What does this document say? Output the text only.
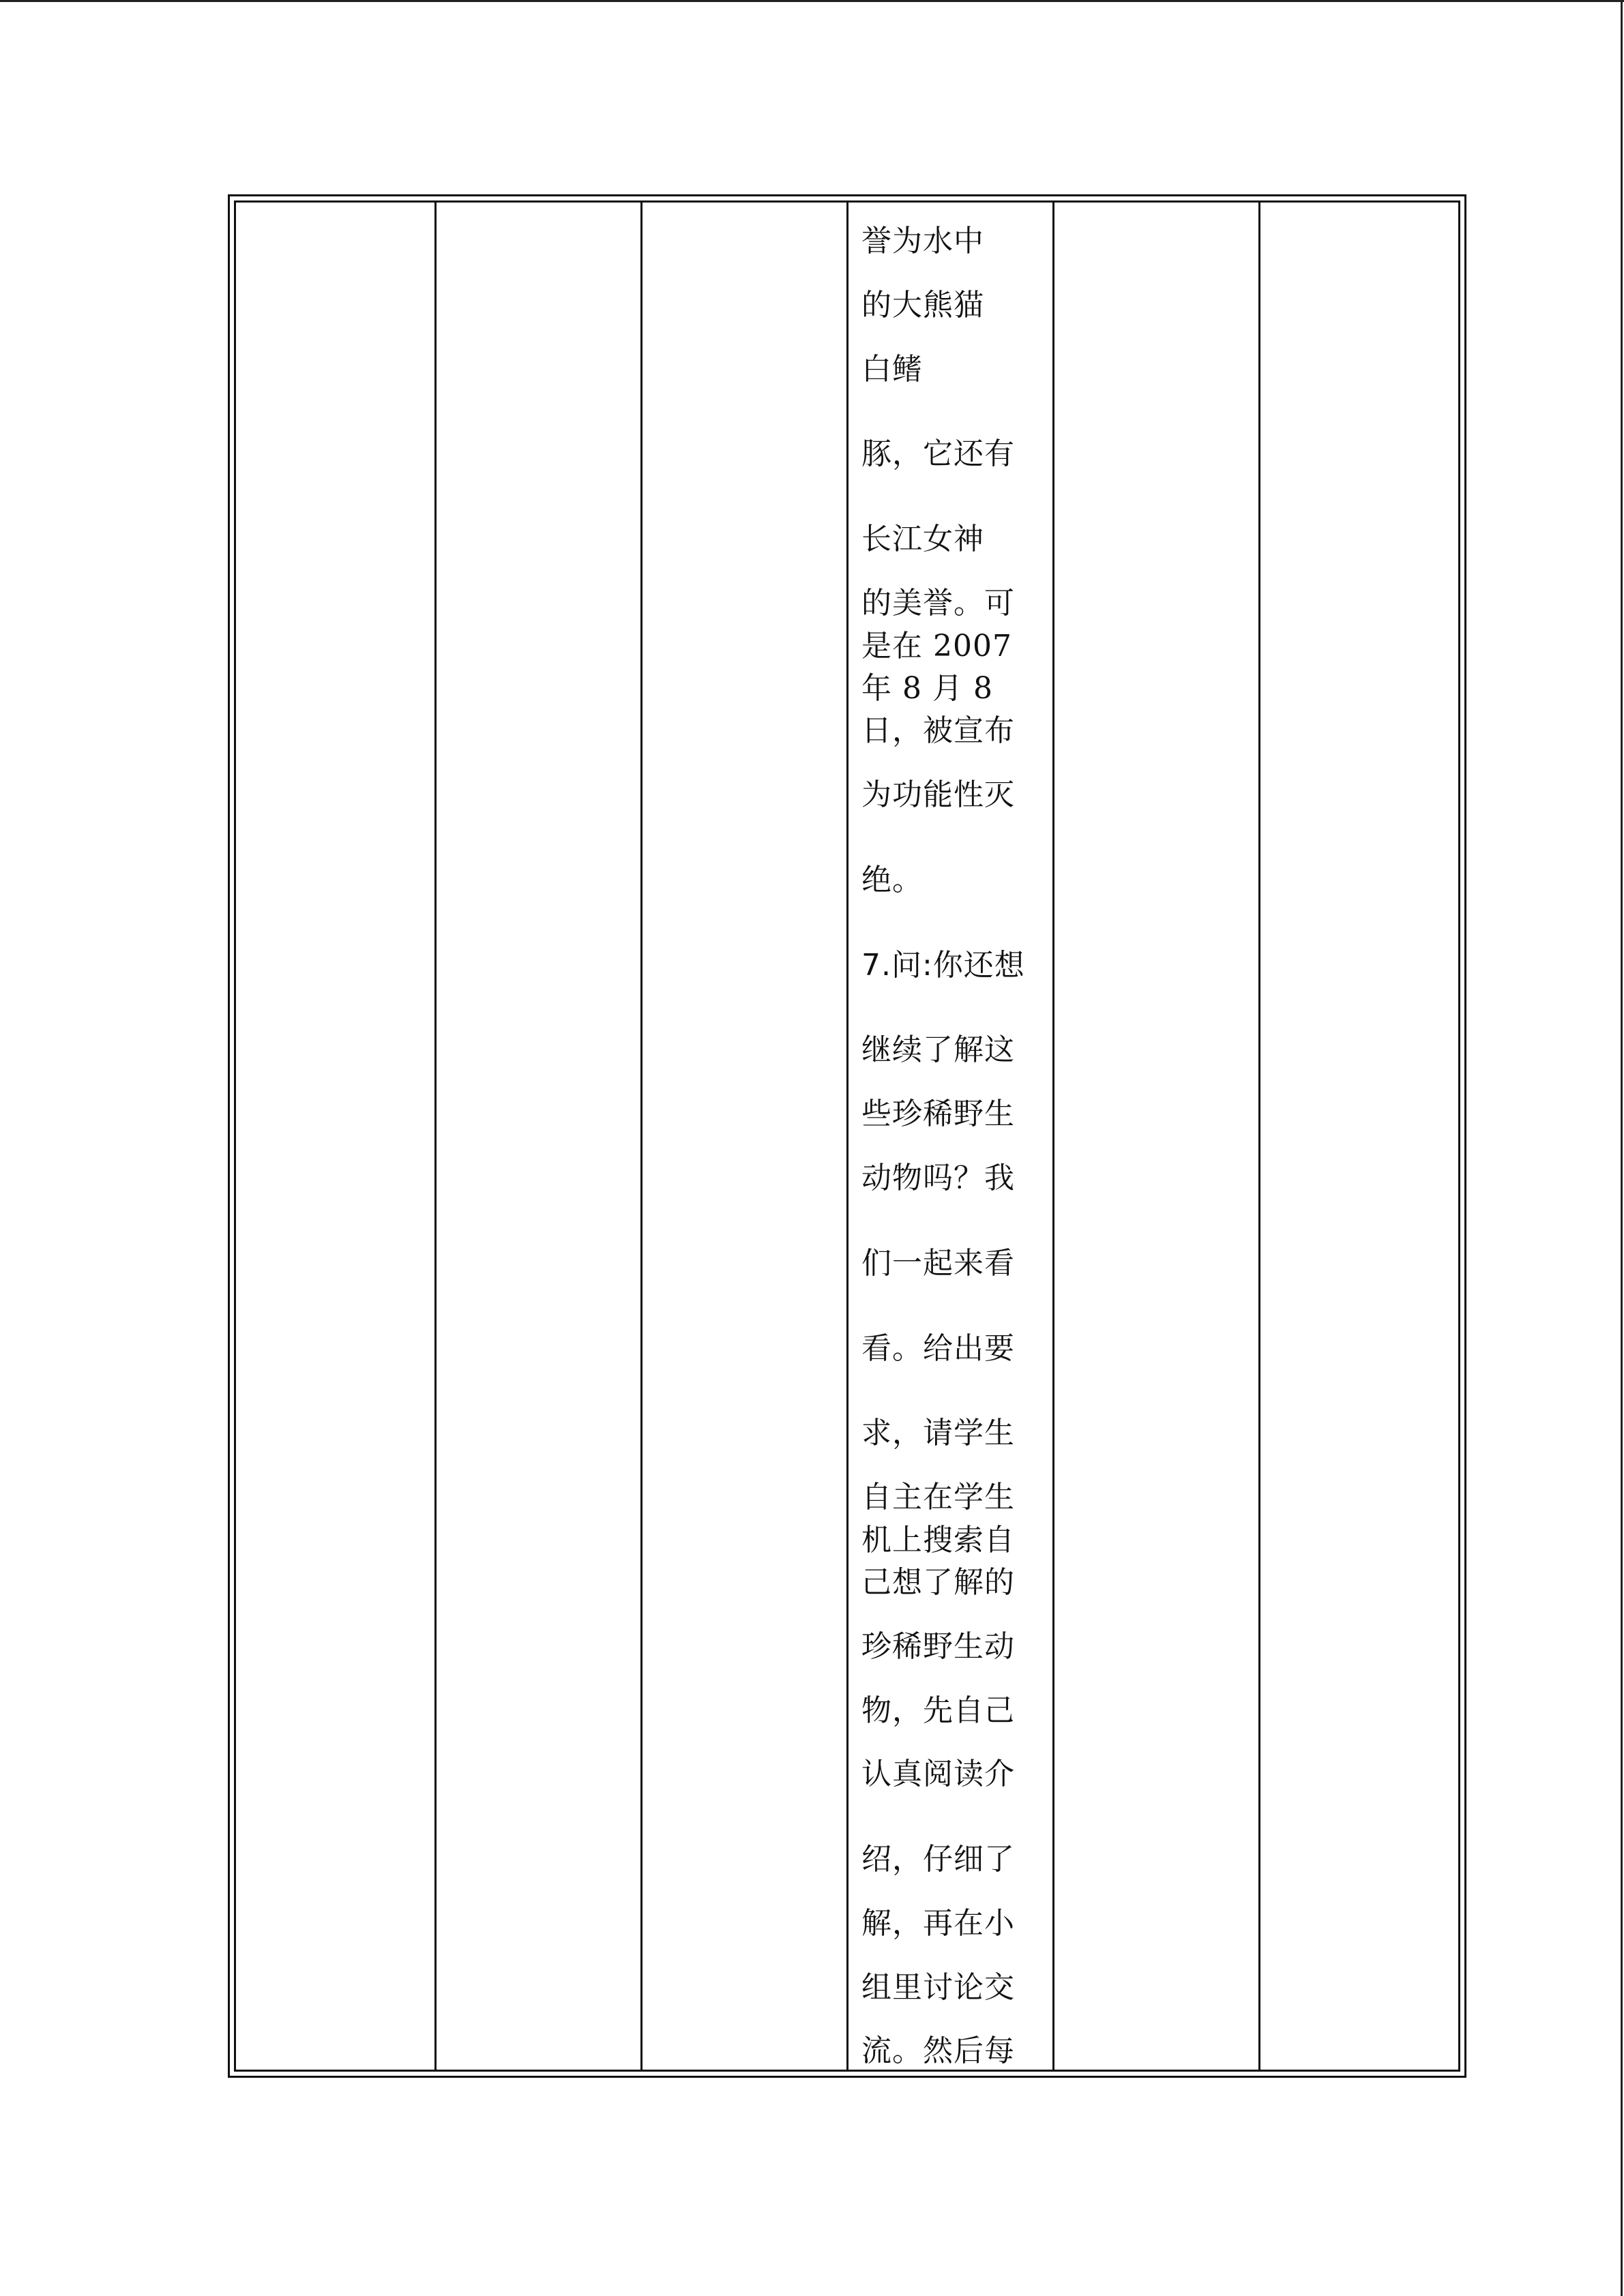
誉为水中
的大熊猫
白鳍
豚，它还有
长江女神
的美誉。可
是在 2007
年 8 月 8
日，被宣布
为功能性灭
绝。
7.问:你还想
继续了解这
些珍稀野生
动物吗？我
们一起来看
看。给出要
求，请学生
自主在学生
机上搜索自
己想了解的
珍稀野生动
物，先自己
认真阅读介
绍，仔细了
解，再在小
组里讨论交
流。然后每
